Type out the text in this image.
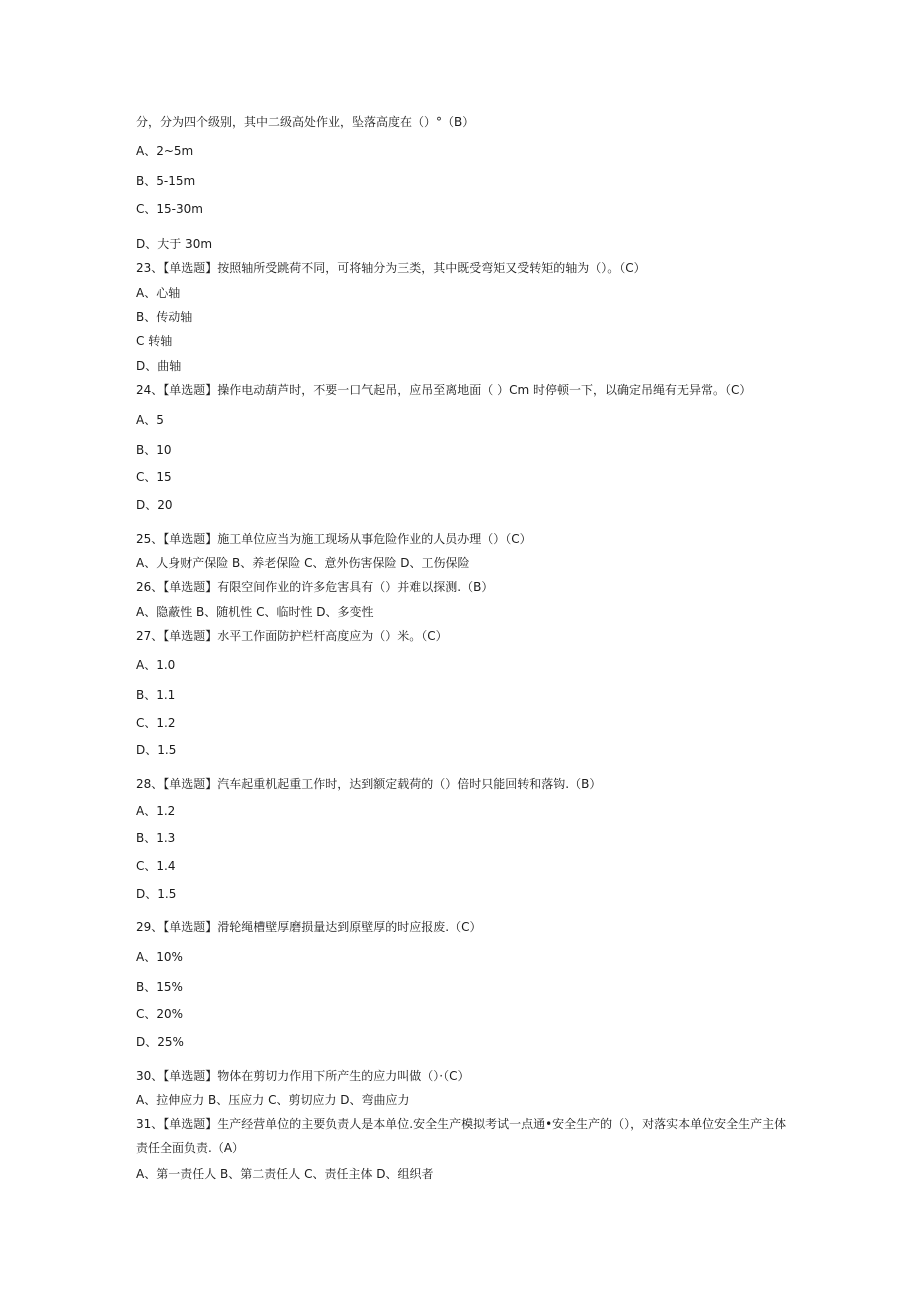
分，分为四个级别，其中二级高处作业，坠落高度在（）°（B）
A、2~5m
B、5-15m
C、15-30m
D、大于 30m
23、【单选题】按照轴所受跳荷不同，可将轴分为三类，其中既受弯矩又受转矩的轴为（）。（C）
A、心轴
B、传动轴
C 转轴
D、曲轴
24、【单选题】操作电动葫芦时，不要一口气起吊，应吊至离地面（ ）Cm 时停顿一下，以确定吊绳有无异常。（C）
A、5
B、10
C、15
D、20
25、【单选题】施工单位应当为施工现场从事危险作业的人员办理（）（C）
A、人身财产保险 B、养老保险 C、意外伤害保险 D、工伤保险
26、【单选题】有限空间作业的许多危害具有（）并难以探测.（B）
A、隐蔽性 B、随机性 C、临时性 D、多变性
27、【单选题】水平工作面防护栏杆高度应为（）米。（C）
A、1.0
B、1.1
C、1.2
D、1.5
28、【单选题】汽车起重机起重工作时，达到额定载荷的（）倍时只能回转和落钩.（B）
A、1.2
B、1.3
C、1.4
D、1.5
29、【单选题】滑轮绳槽壁厚磨损量达到原壁厚的时应报废.（C）
A、10%
B、15%
C、20%
D、25%
30、【单选题】物体在剪切力作用下所产生的应力叫做（）·（C）
A、拉伸应力 B、压应力 C、剪切应力 D、弯曲应力
31、【单选题】生产经营单位的主要负责人是本单位.安全生产模拟考试一点通•安全生产的（），对落实本单位安全生产主体责任全面负责.（A）
A、第一责任人 B、第二责任人 C、责任主体 D、组织者
